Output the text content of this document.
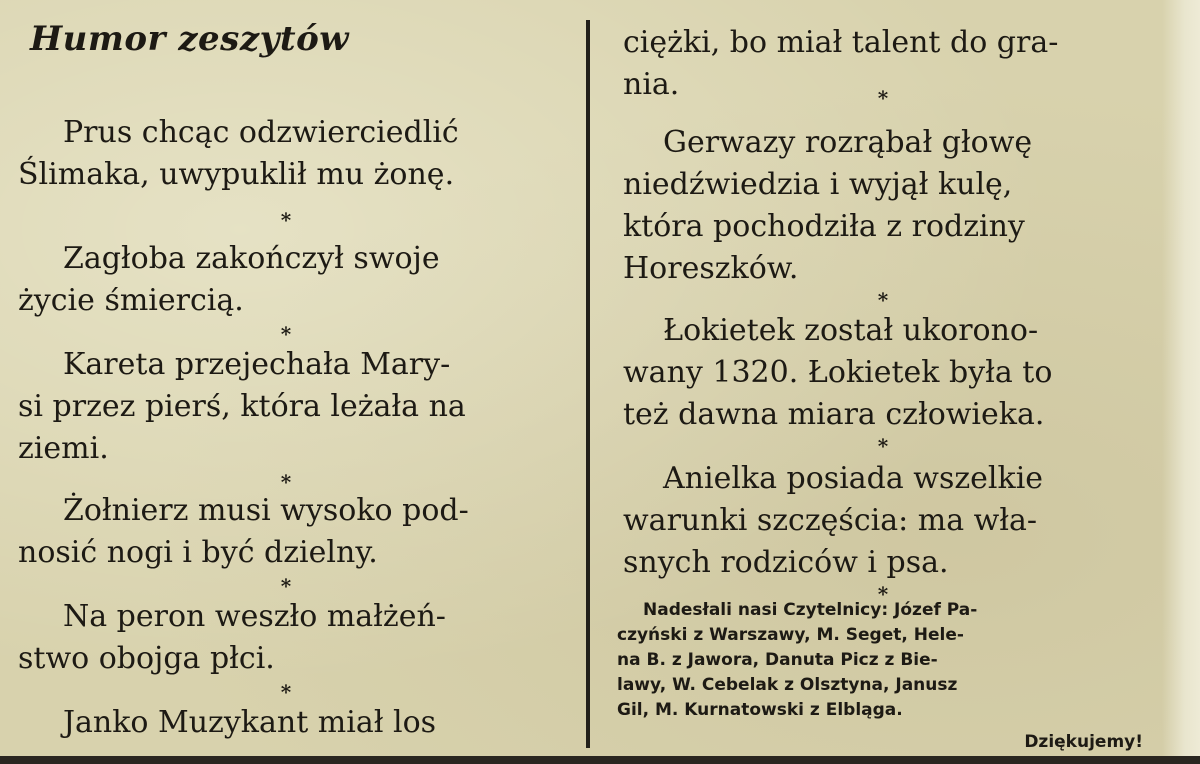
Humor zeszytów

Prus chcąc odzwierciedlić
Ślimaka, uwypuklił mu żonę.

*

Zagłoba zakończył swoje
życie śmiercią.

*

Kareta przejechała Mary-
si przez pierś, która leżała na
ziemi.

*

Żołnierz musi wysoko pod-
nosić nogi i być dzielny.

*

Na peron weszło małżeń-
stwo obojga płci.

*

Janko Muzykant miał los

ciężki, bo miał talent do gra-
nia.	*

Gerwazy rozrąbał głowę
niedźwiedzia i wyjął kulę,
która pochodziła z rodziny
Horeszków.

*

Łokietek został ukorono-
wany 1320. Łokietek była to
też dawna miara człowieka.

*

Anielka posiada wszelkie
warunki szczęścia: ma wła-
snych rodziców i psa.

*
Nadesłali nasi Czytelnicy: Józef Pa-
czyński z Warszawy, M. Seget, Hele-
na B. z Jawora, Danuta Picz z Bie-
lawy, W. Cebelak z Olsztyna, Janusz
Gil, M. Kurnatowski z Elbląga.
Dziękujemy!
